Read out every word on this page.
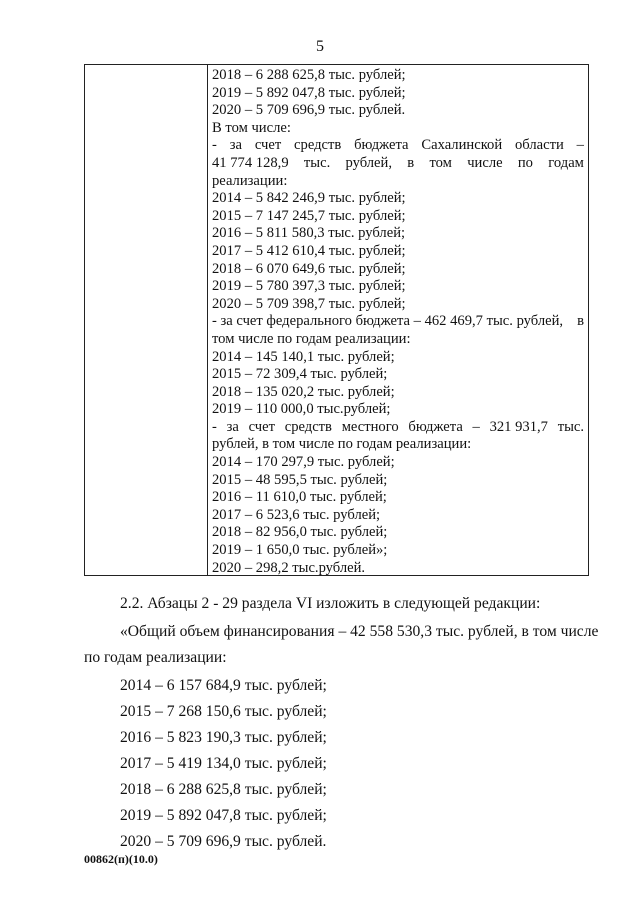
5
2018 – 6 288 625,8 тыс. рублей;
2019 – 5 892 047,8 тыс. рублей;
2020 – 5 709 696,9 тыс. рублей.
В том числе:
- за счет средств бюджета Сахалинской области –
41 774 128,9 тыс. рублей, в том числе по годам
реализации:
2014 – 5 842 246,9 тыс. рублей;
2015 – 7 147 245,7 тыс. рублей;
2016 – 5 811 580,3 тыс. рублей;
2017 – 5 412 610,4 тыс. рублей;
2018 – 6 070 649,6 тыс. рублей;
2019 – 5 780 397,3 тыс. рублей;
2020 – 5 709 398,7 тыс. рублей;
- за счет федерального бюджета – 462 469,7 тыс. рублей, в
том числе по годам реализации:
2014 – 145 140,1 тыс. рублей;
2015 – 72 309,4 тыс. рублей;
2018 – 135 020,2 тыс. рублей;
2019 – 110 000,0 тыс.рублей;
- за счет средств местного бюджета – 321 931,7 тыс.
рублей, в том числе по годам реализации:
2014 – 170 297,9 тыс. рублей;
2015 – 48 595,5 тыс. рублей;
2016 – 11 610,0 тыс. рублей;
2017 – 6 523,6 тыс. рублей;
2018 – 82 956,0 тыс. рублей;
2019 – 1 650,0 тыс. рублей»;
2020 – 298,2 тыс.рублей.
2.2. Абзацы 2 - 29 раздела VI изложить в следующей редакции:
«Общий объем финансирования – 42 558 530,3 тыс. рублей, в том числе
по годам реализации:
2014 – 6 157 684,9 тыс. рублей;
2015 – 7 268 150,6 тыс. рублей;
2016 – 5 823 190,3 тыс. рублей;
2017 – 5 419 134,0 тыс. рублей;
2018 – 6 288 625,8 тыс. рублей;
2019 – 5 892 047,8 тыс. рублей;
2020 – 5 709 696,9 тыс. рублей.
00862(п)(10.0)
